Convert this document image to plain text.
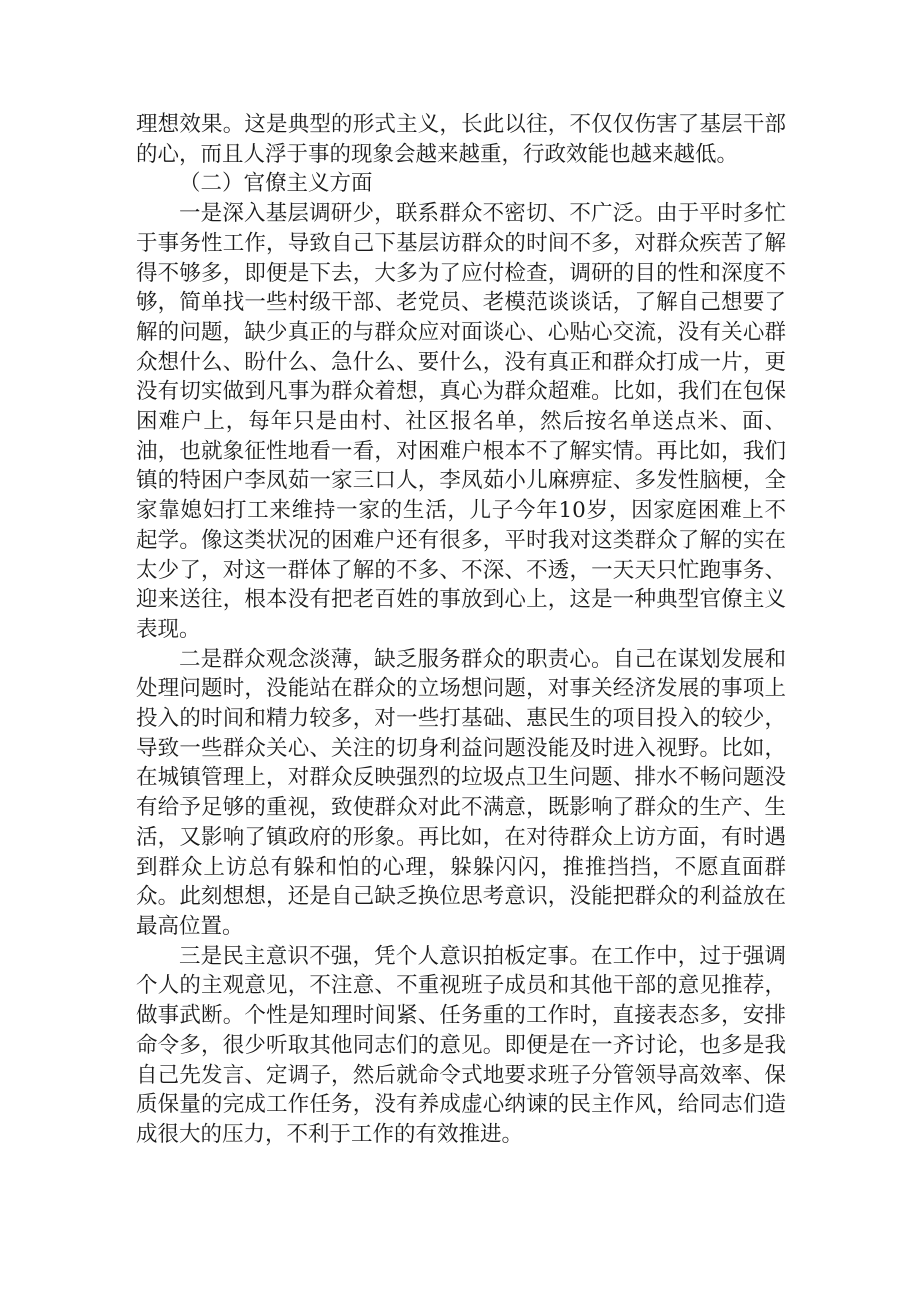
理想效果。这是典型的形式主义，长此以往，不仅仅伤害了基层干部的心，而且人浮于事的现象会越来越重，行政效能也越来越低。

（二）官僚主义方面

一是深入基层调研少，联系群众不密切、不广泛。由于平时多忙于事务性工作，导致自己下基层访群众的时间不多，对群众疾苦了解得不够多，即便是下去，大多为了应付检查，调研的目的性和深度不够，简单找一些村级干部、老党员、老模范谈谈话，了解自己想要了解的问题，缺少真正的与群众应对面谈心、心贴心交流，没有关心群众想什么、盼什么、急什么、要什么，没有真正和群众打成一片，更没有切实做到凡事为群众着想，真心为群众超难。比如，我们在包保困难户上，每年只是由村、社区报名单，然后按名单送点米、面、油，也就象征性地看一看，对困难户根本不了解实情。再比如，我们镇的特困户李凤茹一家三口人，李凤茹小儿麻痹症、多发性脑梗，全家靠媳妇打工来维持一家的生活，儿子今年10岁，因家庭困难上不起学。像这类状况的困难户还有很多，平时我对这类群众了解的实在太少了，对这一群体了解的不多、不深、不透，一天天只忙跑事务、迎来送往，根本没有把老百姓的事放到心上，这是一种典型官僚主义表现。

二是群众观念淡薄，缺乏服务群众的职责心。自己在谋划发展和处理问题时，没能站在群众的立场想问题，对事关经济发展的事项上投入的时间和精力较多，对一些打基础、惠民生的项目投入的较少，导致一些群众关心、关注的切身利益问题没能及时进入视野。比如，在城镇管理上，对群众反映强烈的垃圾点卫生问题、排水不畅问题没有给予足够的重视，致使群众对此不满意，既影响了群众的生产、生活，又影响了镇政府的形象。再比如，在对待群众上访方面，有时遇到群众上访总有躲和怕的心理，躲躲闪闪，推推挡挡，不愿直面群众。此刻想想，还是自己缺乏换位思考意识，没能把群众的利益放在最高位置。

三是民主意识不强，凭个人意识拍板定事。在工作中，过于强调个人的主观意见，不注意、不重视班子成员和其他干部的意见推荐，做事武断。个性是知理时间紧、任务重的工作时，直接表态多，安排命令多，很少听取其他同志们的意见。即便是在一齐讨论，也多是我自己先发言、定调子，然后就命令式地要求班子分管领导高效率、保质保量的完成工作任务，没有养成虚心纳谏的民主作风，给同志们造成很大的压力，不利于工作的有效推进。
